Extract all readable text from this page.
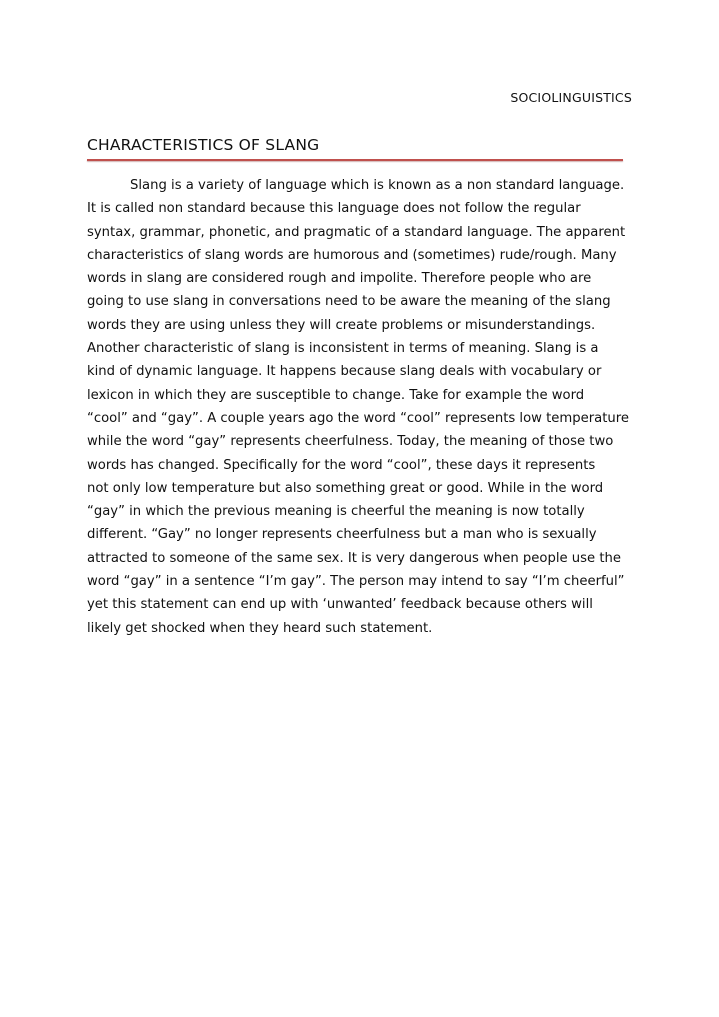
SOCIOLINGUISTICS
CHARACTERISTICS OF SLANG
Slang is a variety of language which is known as a non standard language.
It is called non standard because this language does not follow the regular
syntax, grammar, phonetic, and pragmatic of a standard language. The apparent
characteristics of slang words are humorous and (sometimes) rude/rough. Many
words in slang are considered rough and impolite. Therefore people who are
going to use slang in conversations need to be aware the meaning of the slang
words they are using unless they will create problems or misunderstandings.
Another characteristic of slang is inconsistent in terms of meaning. Slang is a
kind of dynamic language. It happens because slang deals with vocabulary or
lexicon in which they are susceptible to change. Take for example the word
“cool” and “gay”. A couple years ago the word “cool” represents low temperature
while the word “gay” represents cheerfulness. Today, the meaning of those two
words has changed. Specifically for the word “cool”, these days it represents
not only low temperature but also something great or good. While in the word
“gay” in which the previous meaning is cheerful the meaning is now totally
different. “Gay” no longer represents cheerfulness but a man who is sexually
attracted to someone of the same sex. It is very dangerous when people use the
word “gay” in a sentence “I’m gay”. The person may intend to say “I’m cheerful”
yet this statement can end up with ‘unwanted’ feedback because others will
likely get shocked when they heard such statement.
